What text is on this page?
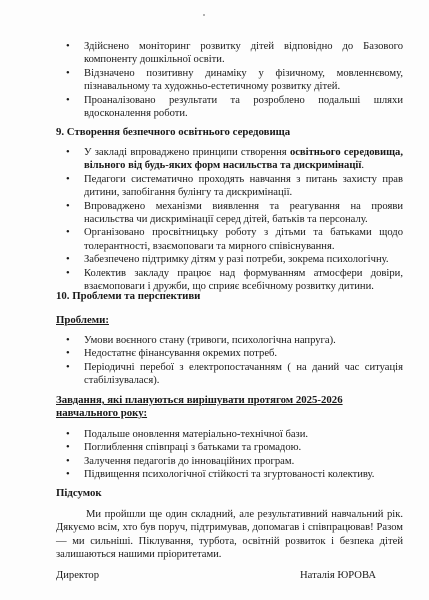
• Здійснено моніторинг розвитку дітей відповідно до Базового компоненту дошкільної освіти.
• Відзначено позитивну динаміку у фізичному, мовленнєвому, пізнавальному та художньо-естетичному розвитку дітей.
• Проаналізовано результати та розроблено подальші шляхи вдосконалення роботи.
9. Створення безпечного освітнього середовища
• У закладі впроваджено принципи створення освітнього середовища, вільного від будь-яких форм насильства та дискримінації.
• Педагоги систематично проходять навчання з питань захисту прав дитини, запобігання булінгу та дискримінації.
• Впроваджено механізми виявлення та реагування на прояви насильства чи дискримінації серед дітей, батьків та персоналу.
• Організовано просвітницьку роботу з дітьми та батьками щодо толерантності, взаємоповаги та мирного співіснування.
• Забезпечено підтримку дітям у разі потреби, зокрема психологічну.
• Колектив закладу працює над формуванням атмосфери довіри, взаємоповаги і дружби, що сприяє всебічному розвитку дитини.
10. Проблеми та перспективи
Проблеми:
• Умови воєнного стану (тривоги, психологічна напруга).
• Недостатнє фінансування окремих потреб.
• Періодичні перебої з електропостачанням ( на даний час ситуація стабілізувалася).
Завдання, які плануються вирішувати протягом 2025-2026 навчального року:
• Подальше оновлення матеріально-технічної бази.
• Поглиблення співпраці з батьками та громадою.
• Залучення педагогів до інноваційних програм.
• Підвищення психологічної стійкості та згуртованості колективу.
Підсумок
Ми пройшли ще один складний, але результативний навчальний рік. Дякуємо всім, хто був поруч, підтримував, допомагав і співпрацював! Разом — ми сильніші. Піклування, турбота, освітній розвиток і безпека дітей залишаються нашими пріоритетами.
Директор	Наталія ЮРОВА
